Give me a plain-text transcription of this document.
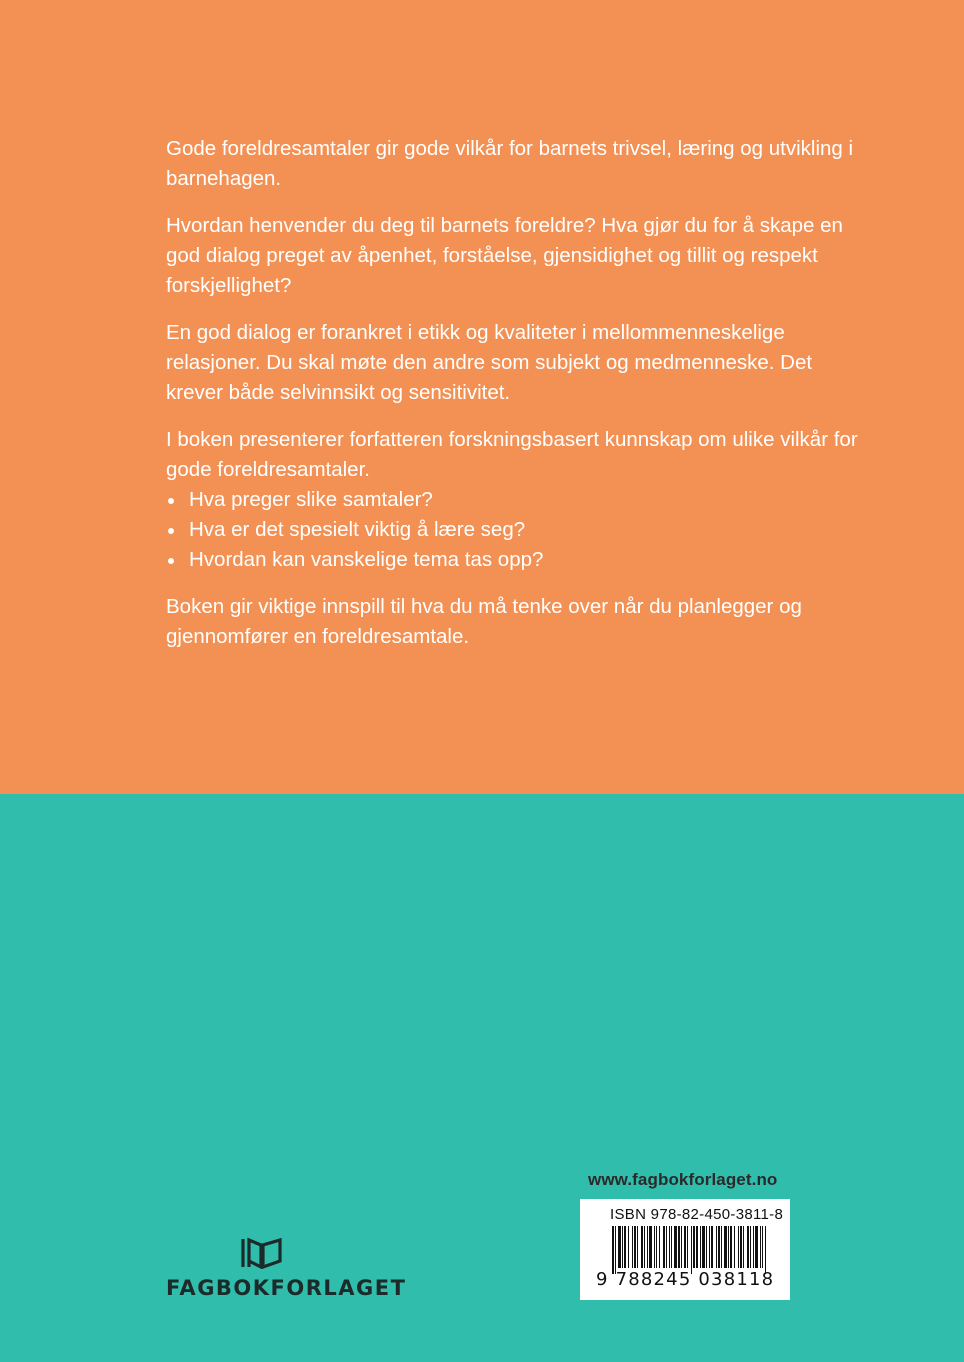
Gode foreldresamtaler gir gode vilkår for barnets trivsel, læring og utvikling i barnehagen.

Hvordan henvender du deg til barnets foreldre? Hva gjør du for å skape en god dialog preget av åpenhet, forståelse, gjensidighet og tillit og respekt forskjellighet?

En god dialog er forankret i etikk og kvaliteter i mellommenneskelige relasjoner. Du skal møte den andre som subjekt og medmenneske. Det krever både selvinnsikt og sensitivitet.

I boken presenterer forfatteren forskningsbasert kunnskap om ulike vilkår for gode foreldresamtaler.

Hva preger slike samtaler?
Hva er det spesielt viktig å lære seg?
Hvordan kan vanskelige tema tas opp?

Boken gir viktige innspill til hva du må tenke over når du planlegger og gjennomfører en foreldresamtale.

www.fagbokforlaget.no
ISBN 978-82-450-3811-8
9 788245 038118
FAGBOKFORLAGET
